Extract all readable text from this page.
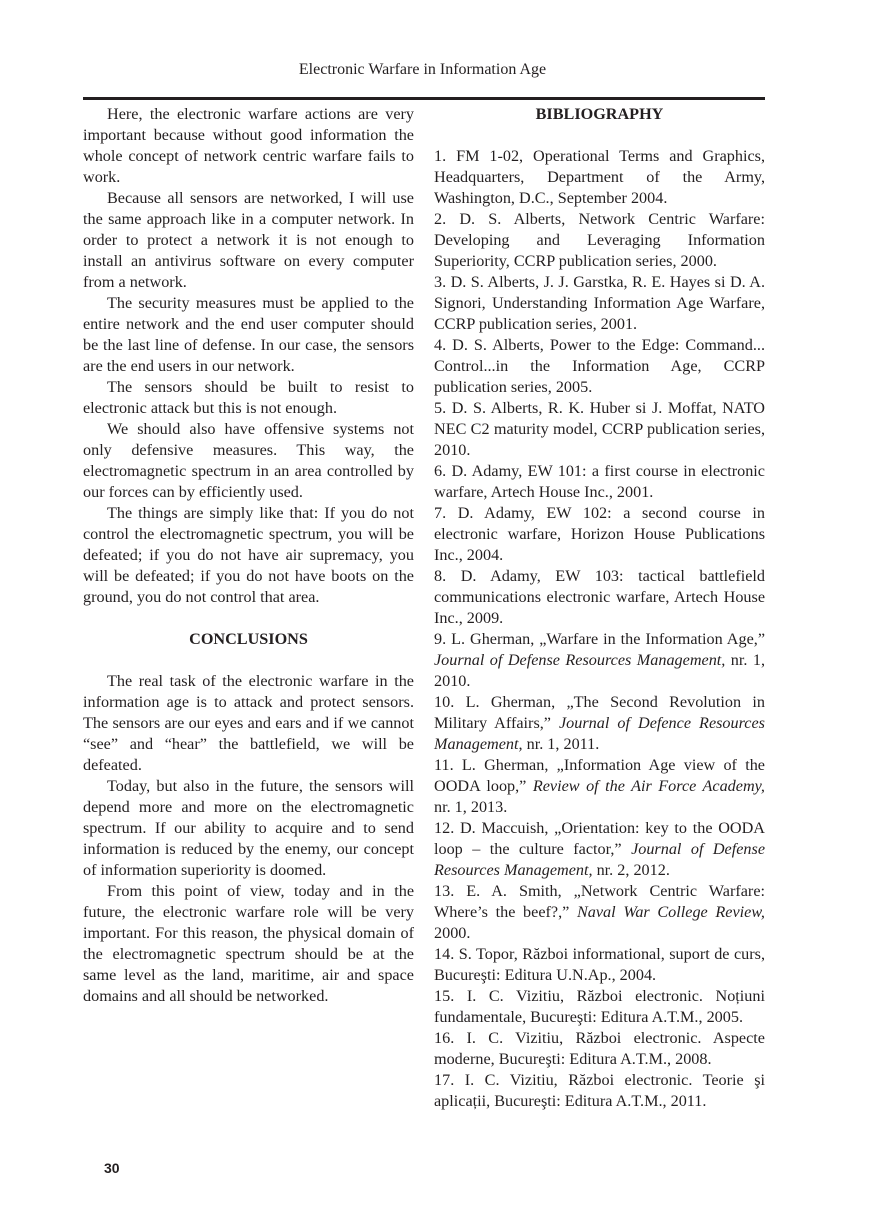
Electronic Warfare in Information Age

Here, the electronic warfare actions are very important because without good information the whole concept of network centric warfare fails to work.

Because all sensors are networked, I will use the same approach like in a computer network. In order to protect a network it is not enough to install an antivirus software on every computer from a network.

The security measures must be applied to the entire network and the end user computer should be the last line of defense. In our case, the sensors are the end users in our network.

The sensors should be built to resist to electronic attack but this is not enough.

We should also have offensive systems not only defensive measures. This way, the electromagnetic spectrum in an area controlled by our forces can by efficiently used.

The things are simply like that: If you do not control the electromagnetic spectrum, you will be defeated; if you do not have air supremacy, you will be defeated; if you do not have boots on the ground, you do not control that area.

CONCLUSIONS

The real task of the electronic warfare in the information age is to attack and protect sensors. The sensors are our eyes and ears and if we cannot “see” and “hear” the battlefield, we will be defeated.

Today, but also in the future, the sensors will depend more and more on the electromagnetic spectrum. If our ability to acquire and to send information is reduced by the enemy, our concept of information superiority is doomed.

From this point of view, today and in the future, the electronic warfare role will be very important. For this reason, the physical domain of the electromagnetic spectrum should be at the same level as the land, maritime, air and space domains and all should be networked.

BIBLIOGRAPHY

1. FM 1-02, Operational Terms and Graphics, Headquarters, Department of the Army, Washington, D.C., September 2004.

2. D. S. Alberts, Network Centric Warfare: Developing and Leveraging Information Superiority, CCRP publication series, 2000.

3. D. S. Alberts, J. J. Garstka, R. E. Hayes si D. A. Signori, Understanding Information Age Warfare, CCRP publication series, 2001.

4. D. S. Alberts, Power to the Edge: Command... Control...in the Information Age, CCRP publication series, 2005.

5. D. S. Alberts, R. K. Huber si J. Moffat, NATO NEC C2 maturity model, CCRP publication series, 2010.

6. D. Adamy, EW 101: a first course in electronic warfare, Artech House Inc., 2001.

7. D. Adamy, EW 102: a second course in electronic warfare, Horizon House Publications Inc., 2004.

8. D. Adamy, EW 103: tactical battlefield communications electronic warfare, Artech House Inc., 2009.

9. L. Gherman, „Warfare in the Information Age,” Journal of Defense Resources Management, nr. 1, 2010.

10. L. Gherman, „The Second Revolution in Military Affairs,” Journal of Defence Resources Management, nr. 1, 2011.

11. L. Gherman, „Information Age view of the OODA loop,” Review of the Air Force Academy, nr. 1, 2013.

12. D. Maccuish, „Orientation: key to the OODA loop – the culture factor,” Journal of Defense Resources Management, nr. 2, 2012.

13. E. A. Smith, „Network Centric Warfare: Where’s the beef?,” Naval War College Review, 2000.

14. S. Topor, Război informational, suport de curs, Bucureşti: Editura U.N.Ap., 2004.

15. I. C. Vizitiu, Război electronic. Noțiuni fundamentale, Bucureşti: Editura A.T.M., 2005.

16. I. C. Vizitiu, Război electronic. Aspecte moderne, Bucureşti: Editura A.T.M., 2008.

17. I. C. Vizitiu, Război electronic. Teorie şi aplicații, Bucureşti: Editura A.T.M., 2011.

30
